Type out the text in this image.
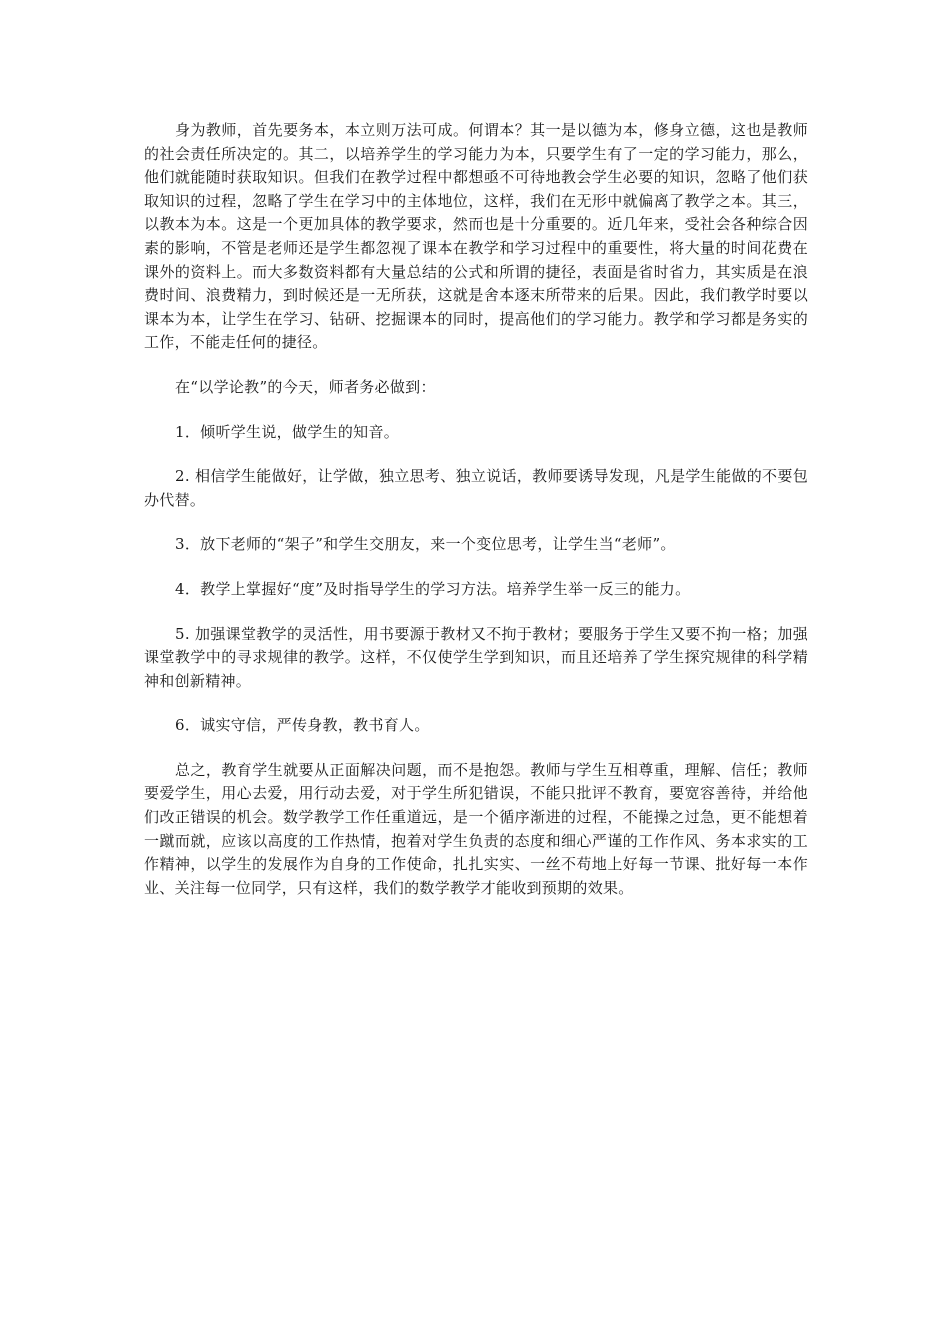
身为教师，首先要务本，本立则万法可成。何谓本？其一是以德为本，修身立德，这也是教师的社会责任所决定的。其二，以培养学生的学习能力为本，只要学生有了一定的学习能力，那么，他们就能随时获取知识。但我们在教学过程中都想亟不可待地教会学生必要的知识，忽略了他们获取知识的过程，忽略了学生在学习中的主体地位，这样，我们在无形中就偏离了教学之本。其三，以教本为本。这是一个更加具体的教学要求，然而也是十分重要的。近几年来，受社会各种综合因素的影响，不管是老师还是学生都忽视了课本在教学和学习过程中的重要性，将大量的时间花费在课外的资料上。而大多数资料都有大量总结的公式和所谓的捷径，表面是省时省力，其实质是在浪费时间、浪费精力，到时候还是一无所获，这就是舍本逐末所带来的后果。因此，我们教学时要以课本为本，让学生在学习、钻研、挖掘课本的同时，提高他们的学习能力。教学和学习都是务实的工作，不能走任何的捷径。

在“以学论教”的今天，师者务必做到：

1．倾听学生说，做学生的知音。

2. 相信学生能做好，让学做，独立思考、独立说话，教师要诱导发现，凡是学生能做的不要包办代替。

3．放下老师的“架子”和学生交朋友，来一个变位思考，让学生当“老师”。

4．教学上掌握好“度”及时指导学生的学习方法。培养学生举一反三的能力。

5. 加强课堂教学的灵活性，用书要源于教材又不拘于教材；要服务于学生又要不拘一格；加强课堂教学中的寻求规律的教学。这样，不仅使学生学到知识，而且还培养了学生探究规律的科学精神和创新精神。

6．诚实守信，严传身教，教书育人。

总之，教育学生就要从正面解决问题，而不是抱怨。教师与学生互相尊重，理解、信任；教师要爱学生，用心去爱，用行动去爱，对于学生所犯错误，不能只批评不教育，要宽容善待，并给他们改正错误的机会。数学教学工作任重道远，是一个循序渐进的过程，不能操之过急，更不能想着一蹴而就，应该以高度的工作热情，抱着对学生负责的态度和细心严谨的工作作风、务本求实的工作精神，以学生的发展作为自身的工作使命，扎扎实实、一丝不苟地上好每一节课、批好每一本作业、关注每一位同学，只有这样，我们的数学教学才能收到预期的效果。
